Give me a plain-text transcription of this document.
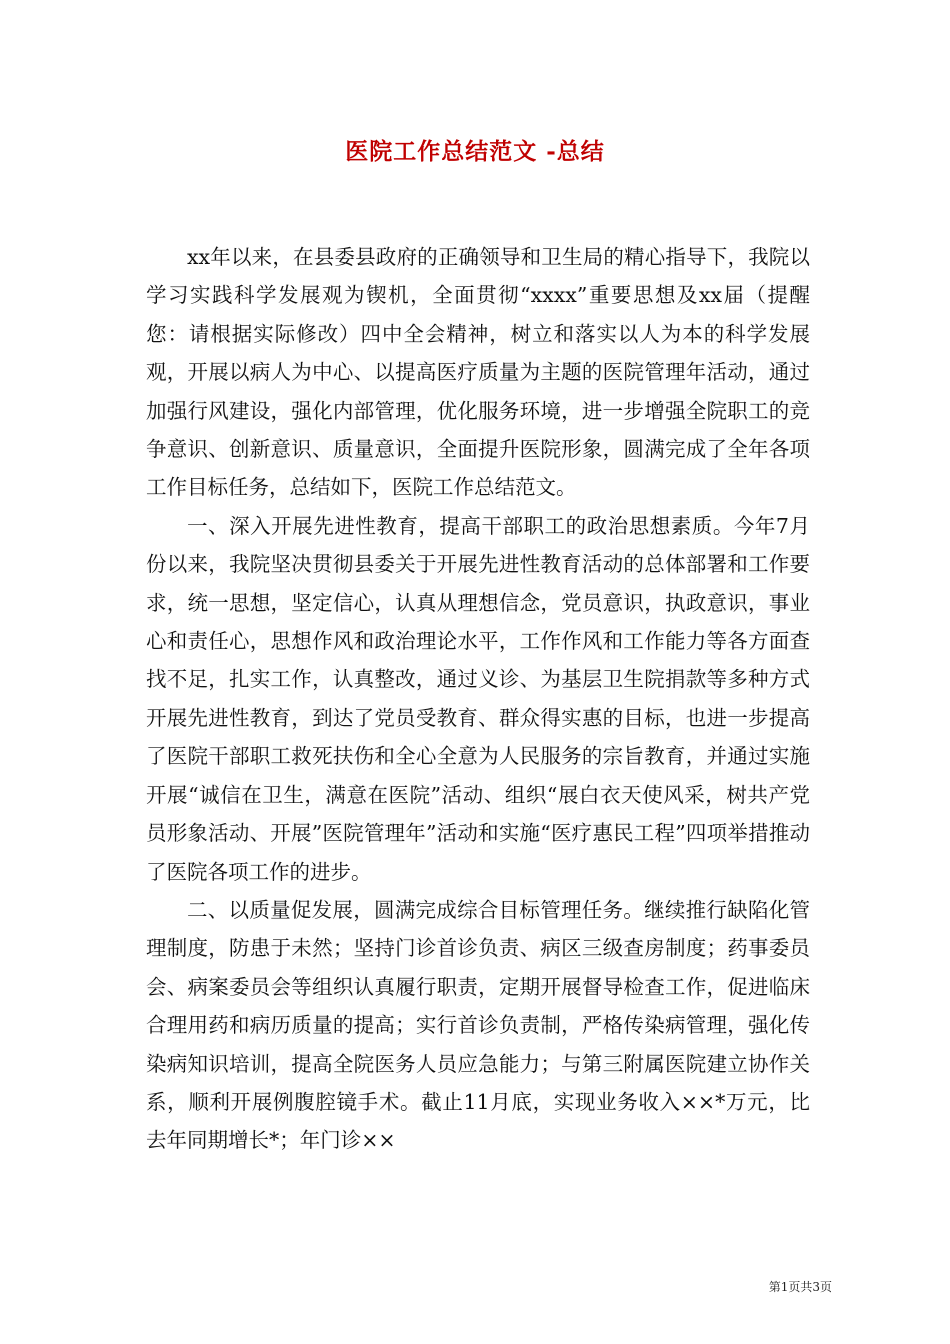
医院工作总结范文 -总结

xx年以来，在县委县政府的正确领导和卫生局的精心指导下，我院以学习实践科学发展观为锲机，全面贯彻“xxxx”重要思想及xx届（提醒您：请根据实际修改）四中全会精神，树立和落实以人为本的科学发展观，开展以病人为中心、以提高医疗质量为主题的医院管理年活动，通过加强行风建设，强化内部管理，优化服务环境，进一步增强全院职工的竞争意识、创新意识、质量意识，全面提升医院形象，圆满完成了全年各项工作目标任务，总结如下，医院工作总结范文。

一、深入开展先进性教育，提高干部职工的政治思想素质。今年7月份以来，我院坚决贯彻县委关于开展先进性教育活动的总体部署和工作要求，统一思想，坚定信心，认真从理想信念，党员意识，执政意识，事业心和责任心，思想作风和政治理论水平，工作作风和工作能力等各方面查找不足，扎实工作，认真整改，通过义诊、为基层卫生院捐款等多种方式开展先进性教育，到达了党员受教育、群众得实惠的目标，也进一步提高了医院干部职工救死扶伤和全心全意为人民服务的宗旨教育，并通过实施开展“诚信在卫生，满意在医院”活动、组织“展白衣天使风采，树共产党员形象活动、开展”医院管理年”活动和实施“医疗惠民工程”四项举措推动了医院各项工作的进步。

二、以质量促发展，圆满完成综合目标管理任务。继续推行缺陷化管理制度，防患于未然；坚持门诊首诊负责、病区三级查房制度；药事委员会、病案委员会等组织认真履行职责，定期开展督导检查工作，促进临床合理用药和病历质量的提高；实行首诊负责制，严格传染病管理，强化传染病知识培训，提高全院医务人员应急能力；与第三附属医院建立协作关系，顺利开展例腹腔镜手术。截止11月底，实现业务收入××*万元，比去年同期增长*；年门诊××

第1页共3页
